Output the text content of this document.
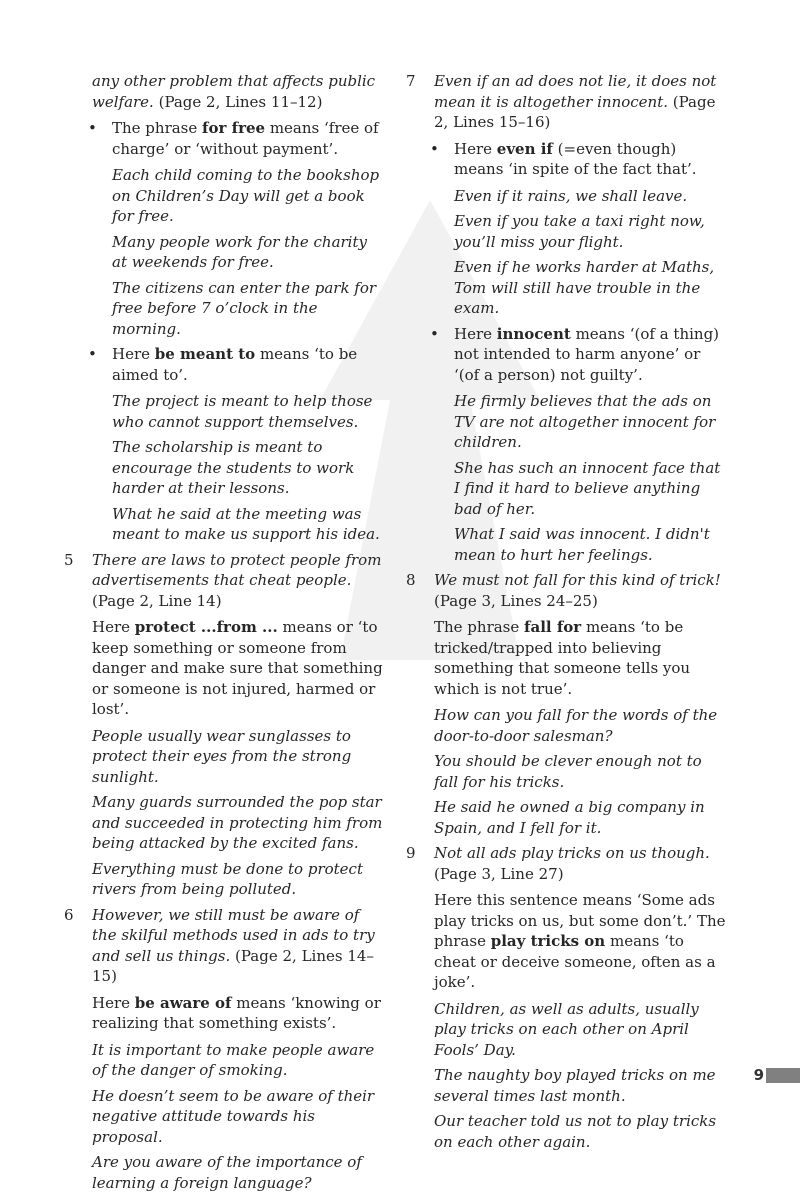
any other problem that affects public welfare. (Page 2, Lines 11–12)
• The phrase for free means ‘free of charge’ or ‘without payment’.
Each child coming to the bookshop on Children’s Day will get a book for free.
Many people work for the charity at weekends for free.
The citizens can enter the park for free before 7 o’clock in the morning.
• Here be meant to means ‘to be aimed to’.
The project is meant to help those who cannot support themselves.
The scholarship is meant to encourage the students to work harder at their lessons.
What he said at the meeting was meant to make us support his idea.
5 There are laws to protect people from advertisements that cheat people. (Page 2, Line 14)
Here protect ...from ... means or ‘to keep something or someone from danger and make sure that something or someone is not injured, harmed or lost’.
People usually wear sunglasses to protect their eyes from the strong sunlight.
Many guards surrounded the pop star and succeeded in protecting him from being attacked by the excited fans.
Everything must be done to protect rivers from being polluted.
6 However, we still must be aware of the skilful methods used in ads to try and sell us things. (Page 2, Lines 14–15)
Here be aware of means ‘knowing or realizing that something exists’.
It is important to make people aware of the danger of smoking.
He doesn’t seem to be aware of their negative attitude towards his proposal.
Are you aware of the importance of learning a foreign language?
7 Even if an ad does not lie, it does not mean it is altogether innocent. (Page 2, Lines 15–16)
• Here even if (=even though) means ‘in spite of the fact that’.
Even if it rains, we shall leave.
Even if you take a taxi right now, you’ll miss your flight.
Even if he works harder at Maths, Tom will still have trouble in the exam.
• Here innocent means ‘(of a thing) not intended to harm anyone’ or ‘(of a person) not guilty’.
He firmly believes that the ads on TV are not altogether innocent for children.
She has such an innocent face that I find it hard to believe anything bad of her.
What I said was innocent. I didn't mean to hurt her feelings.
8 We must not fall for this kind of trick!
(Page 3, Lines 24–25)
The phrase fall for means ‘to be tricked/trapped into believing something that someone tells you which is not true’.
How can you fall for the words of the door-to-door salesman?
You should be clever enough not to fall for his tricks.
He said he owned a big company in Spain, and I fell for it.
9 Not all ads play tricks on us though.
(Page 3, Line 27)
Here this sentence means ‘Some ads play tricks on us, but some don’t.’ The phrase play tricks on means ‘to cheat or deceive someone, often as a joke’.
Children, as well as adults, usually play tricks on each other on April Fools’ Day.
The naughty boy played tricks on me several times last month.
Our teacher told us not to play tricks on each other again.
9
